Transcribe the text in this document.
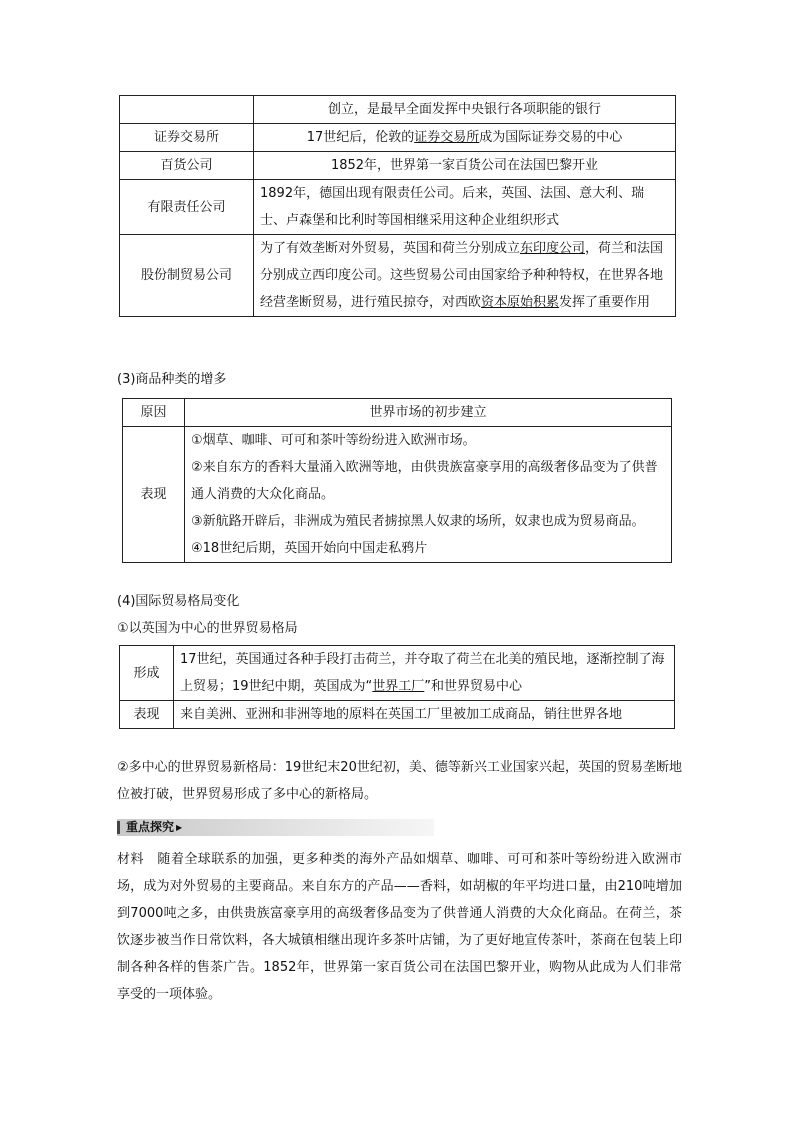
	创立，是最早全面发挥中央银行各项职能的银行
证券交易所	17世纪后，伦敦的证券交易所成为国际证券交易的中心
百货公司	1852年，世界第一家百货公司在法国巴黎开业
有限责任公司	1892年，德国出现有限责任公司。后来，英国、法国、意大利、瑞士、卢森堡和比利时等国相继采用这种企业组织形式
股份制贸易公司	为了有效垄断对外贸易，英国和荷兰分别成立东印度公司，荷兰和法国分别成立西印度公司。这些贸易公司由国家给予种种特权，在世界各地经营垄断贸易，进行殖民掠夺，对西欧资本原始积累发挥了重要作用
(3)商品种类的增多
原因	世界市场的初步建立
表现	①烟草、咖啡、可可和茶叶等纷纷进入欧洲市场。
②来自东方的香料大量涌入欧洲等地，由供贵族富豪享用的高级奢侈品变为了供普通人消费的大众化商品。
③新航路开辟后，非洲成为殖民者掳掠黑人奴隶的场所，奴隶也成为贸易商品。
④18世纪后期，英国开始向中国走私鸦片
(4)国际贸易格局变化
①以英国为中心的世界贸易格局
形成	17世纪，英国通过各种手段打击荷兰，并夺取了荷兰在北美的殖民地，逐渐控制了海上贸易；19世纪中期，英国成为“世界工厂”和世界贸易中心
表现	来自美洲、亚洲和非洲等地的原料在英国工厂里被加工成商品，销往世界各地
②多中心的世界贸易新格局：19世纪末20世纪初，美、德等新兴工业国家兴起，英国的贸易垄断地位被打破，世界贸易形成了多中心的新格局。
重点探究 ▶
材料　随着全球联系的加强，更多种类的海外产品如烟草、咖啡、可可和茶叶等纷纷进入欧洲市场，成为对外贸易的主要商品。来自东方的产品——香料，如胡椒的年平均进口量，由210吨增加到7000吨之多，由供贵族富豪享用的高级奢侈品变为了供普通人消费的大众化商品。在荷兰，茶饮逐步被当作日常饮料，各大城镇相继出现许多茶叶店铺，为了更好地宣传茶叶，茶商在包装上印制各种各样的售茶广告。1852年，世界第一家百货公司在法国巴黎开业，购物从此成为人们非常享受的一项体验。
